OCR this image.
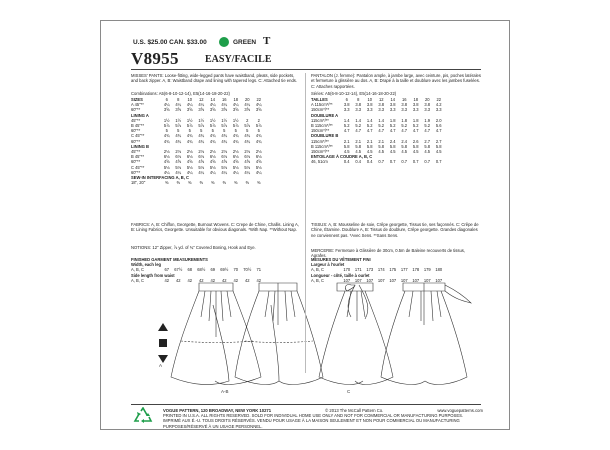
U.S. $25.00 CAN. $33.00	GREEN T
V8955	EASY/FACILE
MISSES' PANTS: Loose-fitting, wide-legged pants have waistband, pleats, side pockets, and back zipper. A, B: Waistband drape and lining with tapered legs. C: Attached tie ends.
Combinations: A5(6-8-10-12-14), E5(14-16-18-20-22)
SIZES	6	8	10	12	14	16	18	20	22
A 45"**	4¼	4¼	4¼	4¼	4¼	4¼	4¼	4¼	4¼
60"**	3⅝	3⅝	3⅝	3⅝	3⅝	3⅝	3⅝	3⅝	3⅝
LINING A
45"**	1½	1½	1½	1½	1½	1½	1½	2	2
B 45"**	5⅞	5⅞	5⅞	5⅞	5⅞	5⅞	5⅞	5⅞	5⅞
60"**	5	5	5	5	5	5	5	5	5
C 45"**	4¾	4¾	4¾	4¾	4¾	4¾	4¾	4¾	4¾
60"**	4¾	4¾	4¾	4¾	4¾	4¾	4¾	4¾	4¾
LINING B
45"**	2⅛	2⅛	2⅛	2⅛	2⅛	2⅛	2⅛	2⅛	2⅛
B 45"**	6⅛	6⅛	6⅛	6⅛	6⅛	6⅛	6⅛	6⅛	6⅛
60"**	4⅝	4⅝	4⅝	4⅝	4⅝	4⅝	4⅝	4⅝	4⅝
C 45"**	5⅛	5⅛	5⅛	5⅛	5⅛	5⅛	5⅛	5⅛	5⅛
60"**	4¼	4¼	4¼	4¼	4¼	4¼	4¼	4¼	4¼
SEW-IN INTERFACING A, B, C
18", 20"	⅜	⅜	⅜	⅜	⅜	⅜	⅜	⅜	⅜
FABRICS: A, B: Chiffon, Georgette, Burnout Wovens. C: Crepe de Chine, Challis. Lining A, B: Lining Fabrics, Georgette. Unsuitable for obvious diagonals. *With Nap. **Without Nap.
NOTIONS: 12" Zipper, ⅞ yd. of ¾" Covered Boning, Hook and Eye.
FINISHED GARMENT MEASUREMENTS
Width, each leg
A, B, C	67	67½	68	68½	69	69½	70	70½	71
Side length from waist
A, B, C	42	42	42	42	42	42	42	42	42
PANTALON (J. femme): Pantalon ample, à jambe large, avec ceinture, pis, poches latérales et fermeture à glissière au dos. A, B: Drapé à la taille et doublure avec les jambes fuselées. C: Attaches rapportées.
Séries: A5(6-8-10-12-14), E5(14-16-18-20-22)
TAILLES	6	8	10	12	14	16	18	20	22
A 115cm*/**	3.8	3.8	3.8	3.8	3.8	3.8	3.8	3.8	4.2
150cm*/**	3.3	3.3	3.3	3.3	3.3	3.3	3.3	3.3	3.3
DOUBLURE A
115cm*/**	1.4	1.4	1.4	1.4	1.8	1.8	1.8	1.9	2.0
B 115cm*/**	5.2	5.2	5.2	5.2	5.2	5.2	5.2	5.2	5.6
150cm*/**	4.7	4.7	4.7	4.7	4.7	4.7	4.7	4.7	4.7
DOUBLURE B
115cm*/**	2.1	2.1	2.1	2.1	2.4	2.4	2.6	2.7	2.7
B 115cm*/**	5.8	5.8	5.8	5.8	5.8	5.8	5.8	5.8	5.8
150cm*/**	4.5	4.5	4.5	4.5	4.5	4.5	4.5	4.5	4.5
ENTOILAGE À COUDRE A, B, C
46, 51cm	0.4	0.4	0.4	0.7	0.7	0.7	0.7	0.7	0.7
TISSUS: A, B: Mousseline de soie, Crêpe georgette, Tissus tie, ses façonnés. C: Crêpe de Chine, Étamine. Doublure A, B: Tissus de doublure, Crêpe georgette. Grandes diagonales ne conviennent pas. *Avec Sens. **Sans Sens.
MERCERIE: Fermeture à Glissière de 30cm, 0.5m de Baleine recouverts de tissus, Agrafes.
MESURES DU VÊTEMENT FINI
Largeur à l'ourlet
A, B, C	170	171	173	174	175	177	178	179	180
Longueur - côté, taille à ourlet
A, B, C	107	107	107	107	107	107	107	107	107
A
A-B	C
VOGUE PATTERN, 120 BROADWAY, NEW YORK 10271	© 2013 The McCall Pattern Co.	www.voguepatterns.com
PRINTED IN U.S.A. ALL RIGHTS RESERVED. SOLD FOR INDIVIDUAL HOME USE ONLY AND NOT FOR COMMERCIAL OR MANUFACTURING PURPOSES.
IMPRIMÉ AUX É.-U. TOUS DROITS RÉSERVÉS. VENDU POUR USAGE À LA MAISON SEULEMENT ET NON POUR COMMERCIAL OU MANUFACTURING PURPOSES/RÉSERVÉ À UN USAGE PERSONNEL.
